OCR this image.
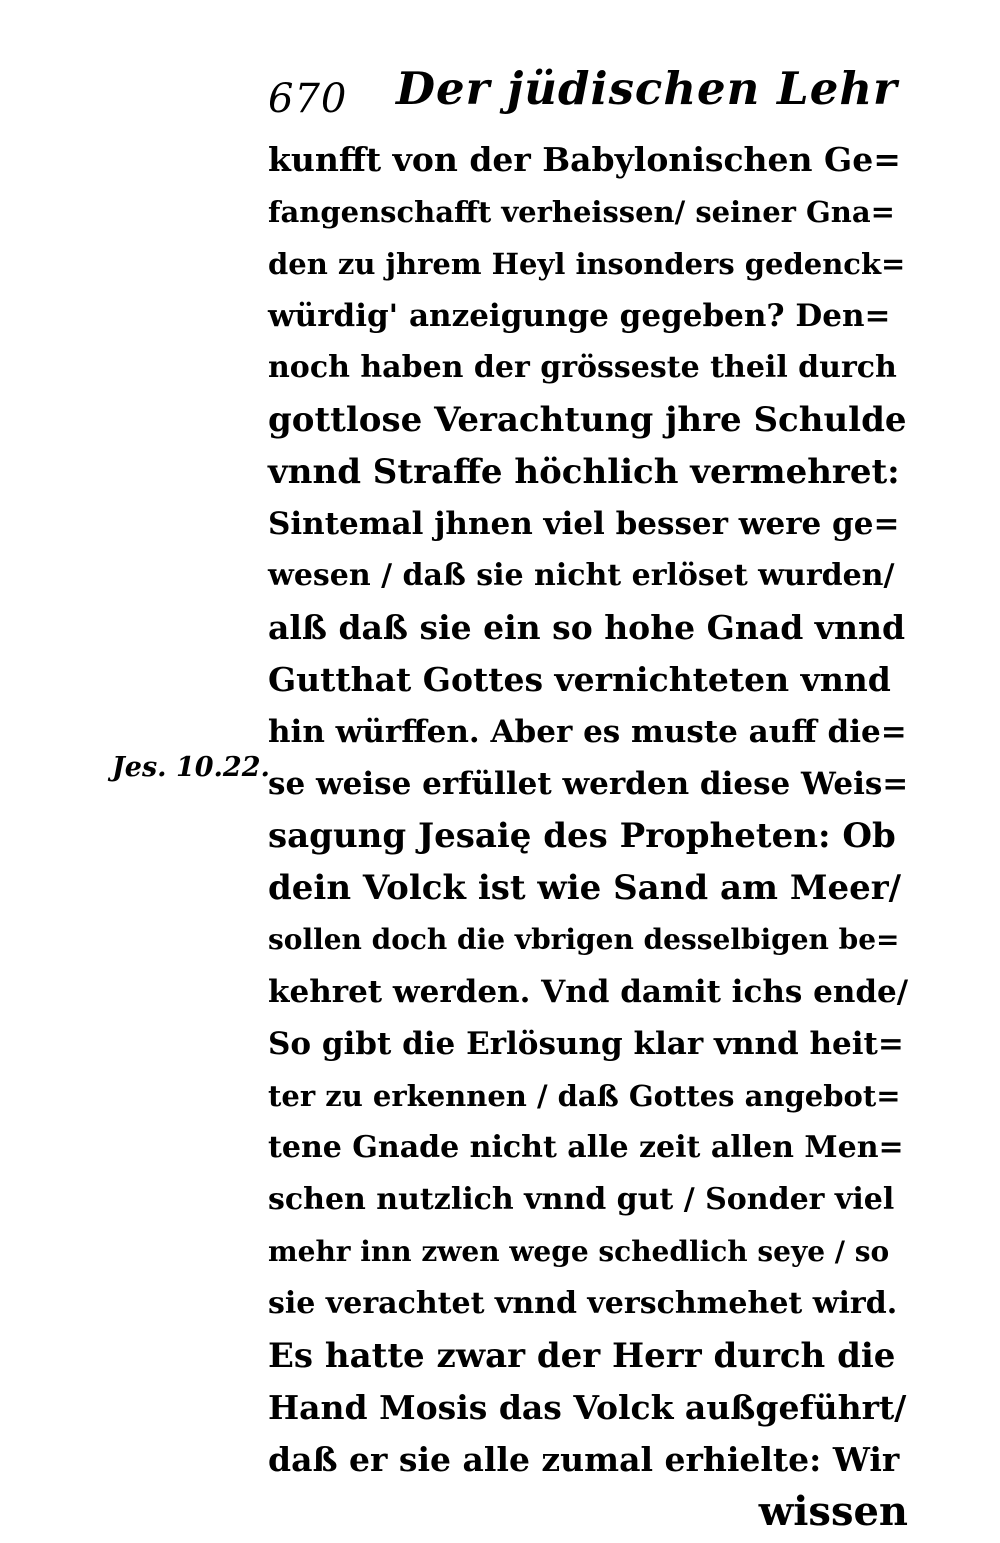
670 Der jüdischen Lehr
Jes. 10.22.
kunfft von der Babylonischen Ge=
fangenschafft verheissen/ seiner Gna=
den zu jhrem Heyl insonders gedenck=
würdig' anzeigunge gegeben? Den=
noch haben der grösseste theil durch
gottlose Verachtung jhre Schulde
vnnd Straffe höchlich vermehret:
Sintemal jhnen viel besser were ge=
wesen / daß sie nicht erlöset wurden/
alß daß sie ein so hohe Gnad vnnd
Gutthat Gottes vernichteten vnnd
hin würffen. Aber es muste auff die=
se weise erfüllet werden diese Weis=
sagung Jesaię des Propheten: Ob
dein Volck ist wie Sand am Meer/
sollen doch die vbrigen desselbigen be=
kehret werden. Vnd damit ichs ende/
So gibt die Erlösung klar vnnd heit=
ter zu erkennen / daß Gottes angebot=
tene Gnade nicht alle zeit allen Men=
schen nutzlich vnnd gut / Sonder viel
mehr inn zwen wege schedlich seye / so
sie verachtet vnnd verschmehet wird.
Es hatte zwar der Herr durch die
Hand Mosis das Volck außgeführt/
daß er sie alle zumal erhielte: Wir
wissen
